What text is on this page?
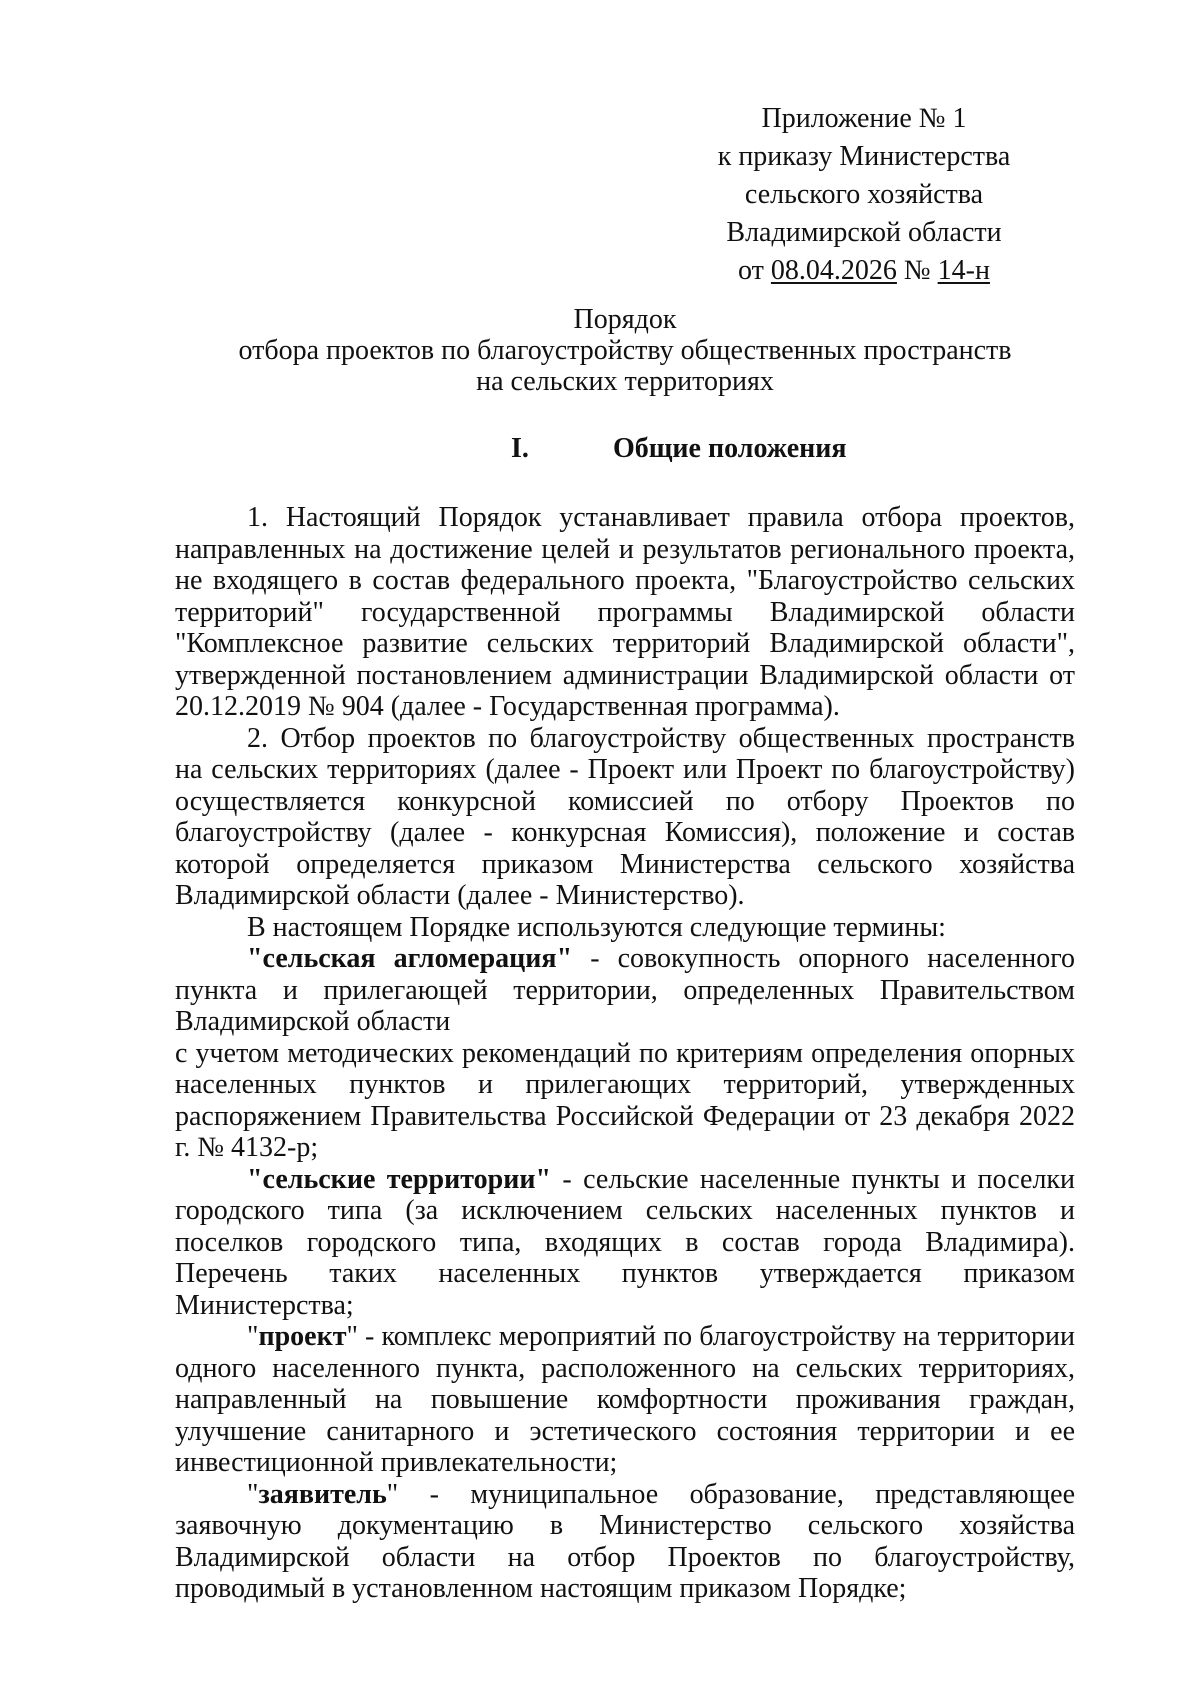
Приложение № 1
к приказу Министерства
сельского хозяйства
Владимирской области
от 08.04.2026 № 14-н
Порядок
отбора проектов по благоустройству общественных пространств
на сельских территориях
I.	Общие положения

1. Настоящий Порядок устанавливает правила отбора проектов, направленных на достижение целей и результатов регионального проекта, не входящего в состав федерального проекта, "Благоустройство сельских территорий" государственной программы Владимирской области "Комплексное развитие сельских территорий Владимирской области", утвержденной постановлением администрации Владимирской области от 20.12.2019 № 904 (далее - Государственная программа).

2. Отбор проектов по благоустройству общественных пространств на сельских территориях (далее - Проект или Проект по благоустройству) осуществляется конкурсной комиссией по отбору Проектов по благоустройству (далее - конкурсная Комиссия), положение и состав которой определяется приказом Министерства сельского хозяйства Владимирской области (далее - Министерство).

В настоящем Порядке используются следующие термины:

"сельская агломерация" - совокупность опорного населенного пункта и прилегающей территории, определенных Правительством Владимирской области

с учетом методических рекомендаций по критериям определения опорных населенных пунктов и прилегающих территорий, утвержденных распоряжением Правительства Российской Федерации от 23 декабря 2022 г. № 4132-р;

"сельские территории" - сельские населенные пункты и поселки городского типа (за исключением сельских населенных пунктов и поселков городского типа, входящих в состав города Владимира). Перечень таких населенных пунктов утверждается приказом Министерства;

"проект" - комплекс мероприятий по благоустройству на территории одного населенного пункта, расположенного на сельских территориях, направленный на повышение комфортности проживания граждан, улучшение санитарного и эстетического состояния территории и ее инвестиционной привлекательности;

"заявитель" - муниципальное образование, представляющее заявочную документацию в Министерство сельского хозяйства Владимирской области на отбор Проектов по благоустройству, проводимый в установленном настоящим приказом Порядке;
